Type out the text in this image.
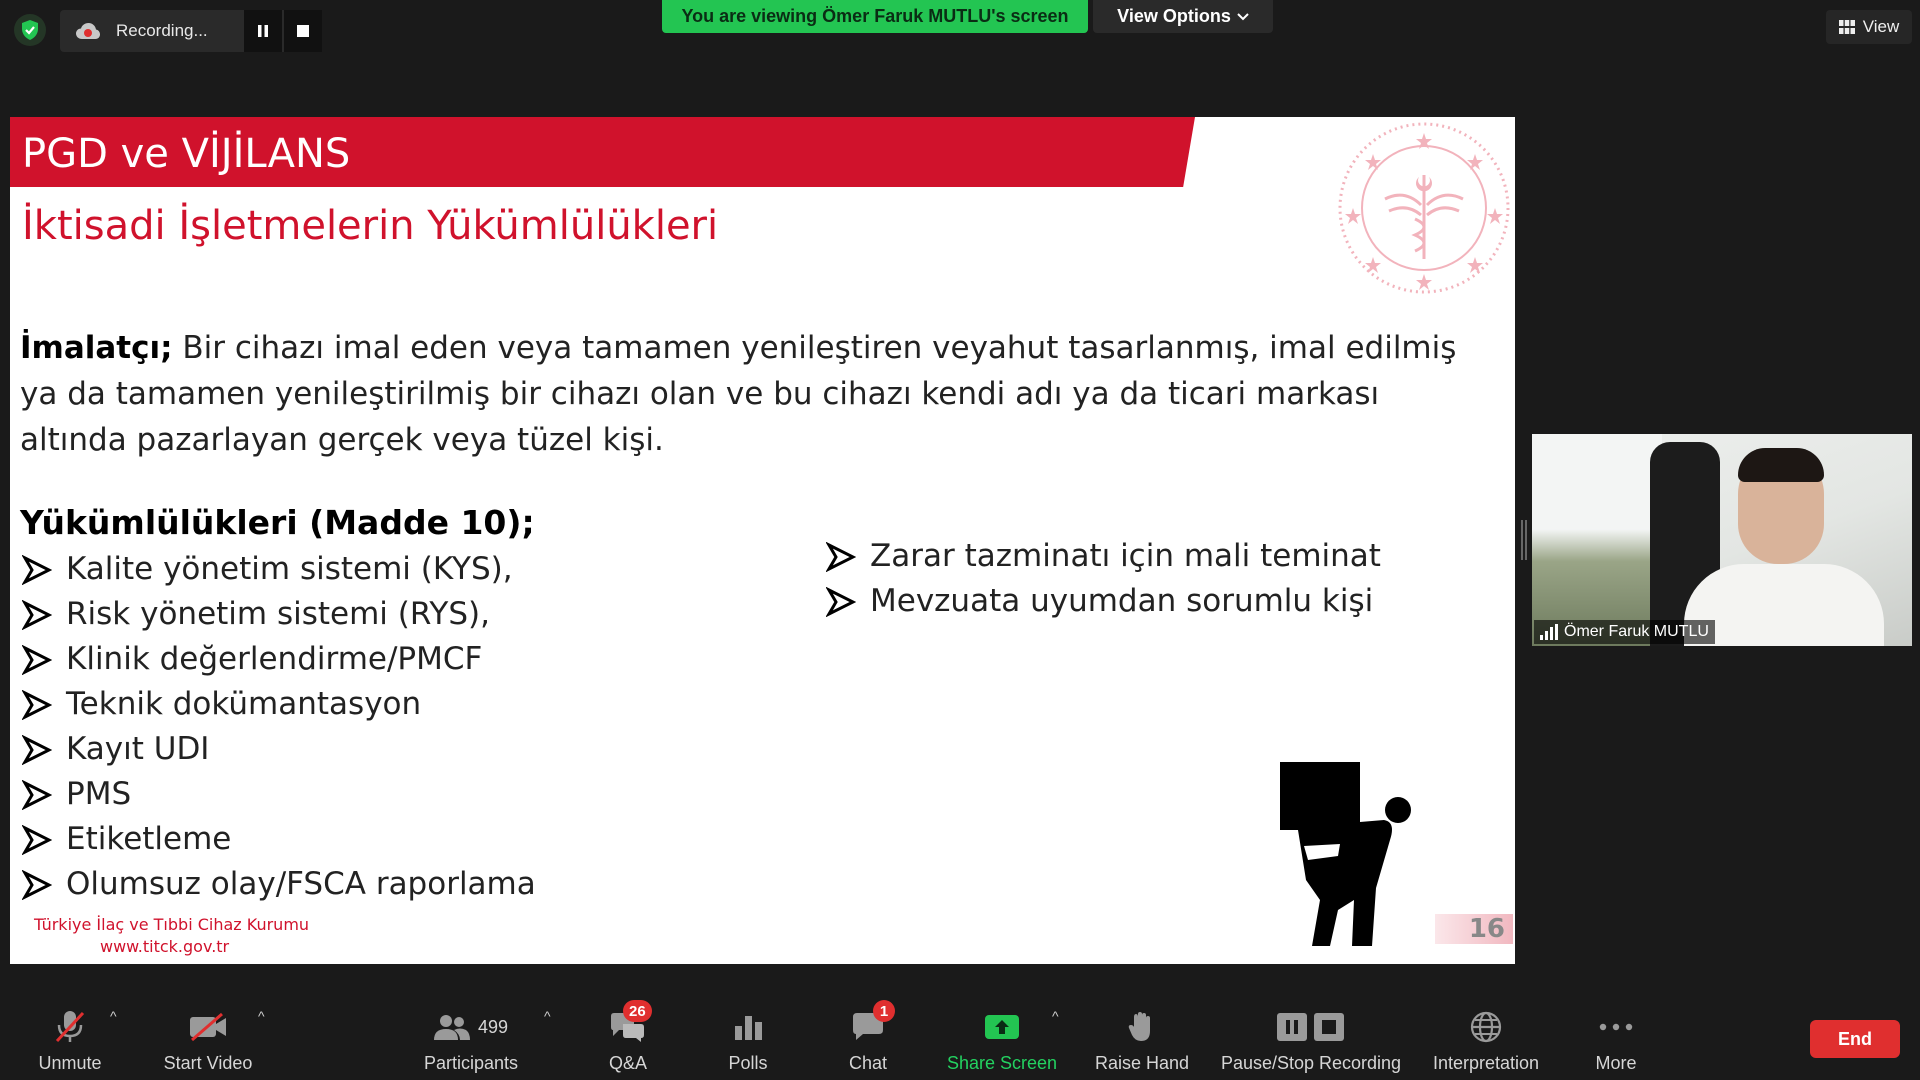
Recording...
You are viewing Ömer Faruk MUTLU's screen	View Options
View
PGD ve VİJİLANS
İktisadi İşletmelerin Yükümlülükleri
İmalatçı; Bir cihazı imal eden veya tamamen yenileştiren veyahut tasarlanmış, imal edilmiş ya da tamamen yenileştirilmiş bir cihazı olan ve bu cihazı kendi adı ya da ticari markası altında pazarlayan gerçek veya tüzel kişi.
Yükümlülükleri (Madde 10);
Kalite yönetim sistemi (KYS),
Risk yönetim sistemi (RYS),
Klinik değerlendirme/PMCF
Teknik dokümantasyon
Kayıt UDI
PMS
Etiketleme
Olumsuz olay/FSCA raporlama
Zarar tazminatı için mali teminat
Mevzuata uyumdan sorumlu kişi
16
Türkiye İlaç ve Tıbbi Cihaz Kurumu
www.titck.gov.tr
Ömer Faruk MUTLU
Unmute
^
Start Video
^
499
Participants
^	26
Q&A	Polls
1
Chat	Share Screen
^
Raise Hand Pause/Stop Recording Interpretation	More
End
